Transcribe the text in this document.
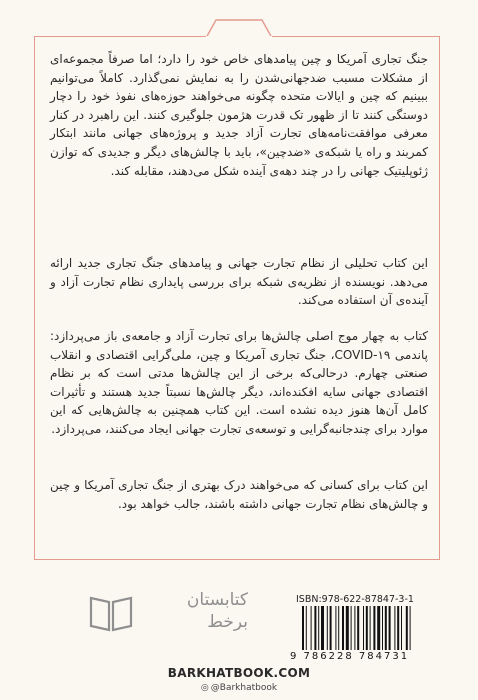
جنگ تجاری آمریکا و چین پیامدهای خاص خود را دارد؛ اما صرفاً مجموعه‌ای از مشکلات مسبب ضدجهانی‌شدن را به نمایش نمی‌گذارد. کاملاً می‌توانیم ببینیم که چین و ایالات متحده چگونه می‌خواهند حوزه‌های نفوذ خود را دچار دوستگی کنند تا از ظهور تک قدرت هژمون جلوگیری کنند. این راهبرد در کنار معرفی موافقت‌نامه‌های تجارت آزاد جدید و پروژه‌های جهانی مانند ابتکار کمربند و راه یا شبکه‌ی «ضدچین»، باید با چالش‌های دیگر و جدیدی که توازن ژئوپلیتیک جهانی را در چند دهه‌ی آینده شکل می‌دهند، مقابله کند.
این کتاب تحلیلی از نظام تجارت جهانی و پیامدهای جنگ تجاری جدید ارائه می‌دهد. نویسنده از نظریه‌ی شبکه برای بررسی پایداری نظام تجارت آزاد و آینده‌ی آن استفاده می‌کند.
کتاب به چهار موج اصلی چالش‌ها برای تجارت آزاد و جامعه‌ی باز می‌پردازد: پاندمی COVID-۱۹، جنگ تجاری آمریکا و چین، ملی‌گرایی اقتصادی و انقلاب صنعتی چهارم. درحالی‌که برخی از این چالش‌ها مدتی است که بر نظام اقتصادی جهانی سایه افکنده‌اند، دیگر چالش‌ها نسبتاً جدید هستند و تأثیرات کامل آن‌ها هنوز دیده نشده است. این کتاب همچنین به چالش‌هایی که این موارد برای چندجانبه‌گرایی و توسعه‌ی تجارت جهانی ایجاد می‌کنند، می‌پردازد.
این کتاب برای کسانی که می‌خواهند درک بهتری از جنگ تجاری آمریکا و چین و چالش‌های نظام تجارت جهانی داشته باشند، جالب خواهد بود.
کتابستان
برخط
ISBN:978-622-87847-3-1
9 786228 784731
BARKHATBOOK.COM
◎ @Barkhatbook
